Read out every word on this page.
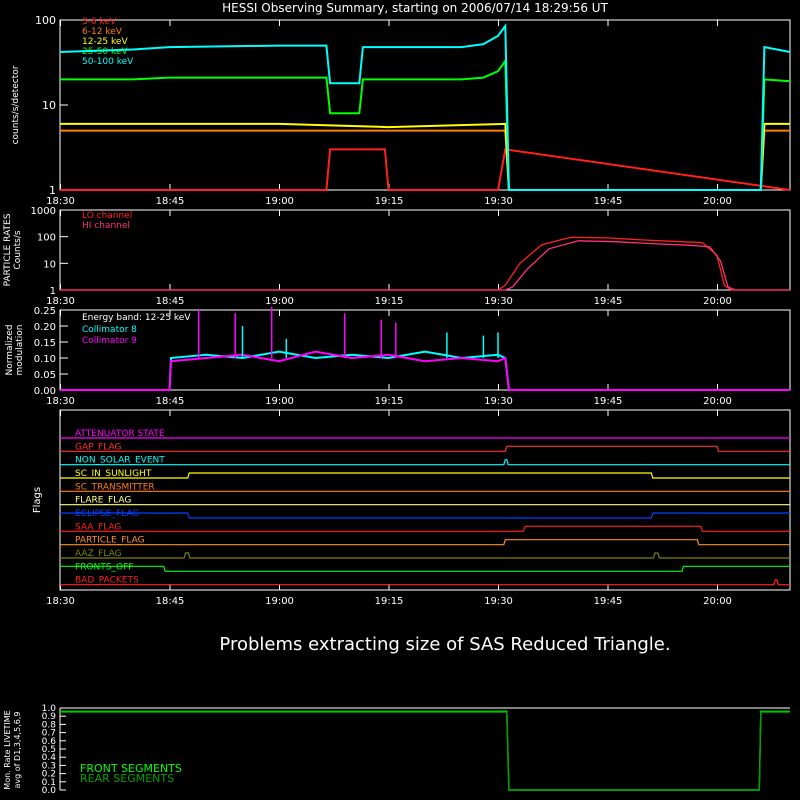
HESSI Observing Summary, starting on 2006/07/14 18:29:56 UT
Problems extracting size of SAS Reduced Triangle.
18:30	18:45	19:00	19:15	19:30	19:45	20:00
1
10
100
counts/s/detector
3-6 keV
6-12 keV
12-25 keV
25-50 keV
50-100 keV
18:30	18:45	19:00	19:15	19:30	19:45	20:00
1
10
100
1000
PARTICLE RATES Counts/s
LO channel
HI channel
18:30	18:45	19:00	19:15	19:30	19:45	20:00
0.00
0.05
0.10
0.15
0.20
0.25
Normalized modulation
Energy band: 12-25 keV
Collimator 8
Collimator 9
18:30	18:45	19:00	19:15	19:30	19:45	20:00
Flags
ATTENUATOR STATE
GAP_FLAG
NON_SOLAR_EVENT
SC_IN_SUNLIGHT
SC_TRANSMITTER
FLARE_FLAG
ECLIPSE_FLAG
SAA_FLAG
PARTICLE_FLAG
AAZ_FLAG
FRONTS_OFF
BAD_PACKETS
0.0
0.1
0.2
0.3
0.4
0.5
0.6
0.7
0.8
0.9
1.0
Mon. Rate LIVETIME avg of D1,3,4,5,6,9	FRONT SEGMENTS
REAR SEGMENTS
